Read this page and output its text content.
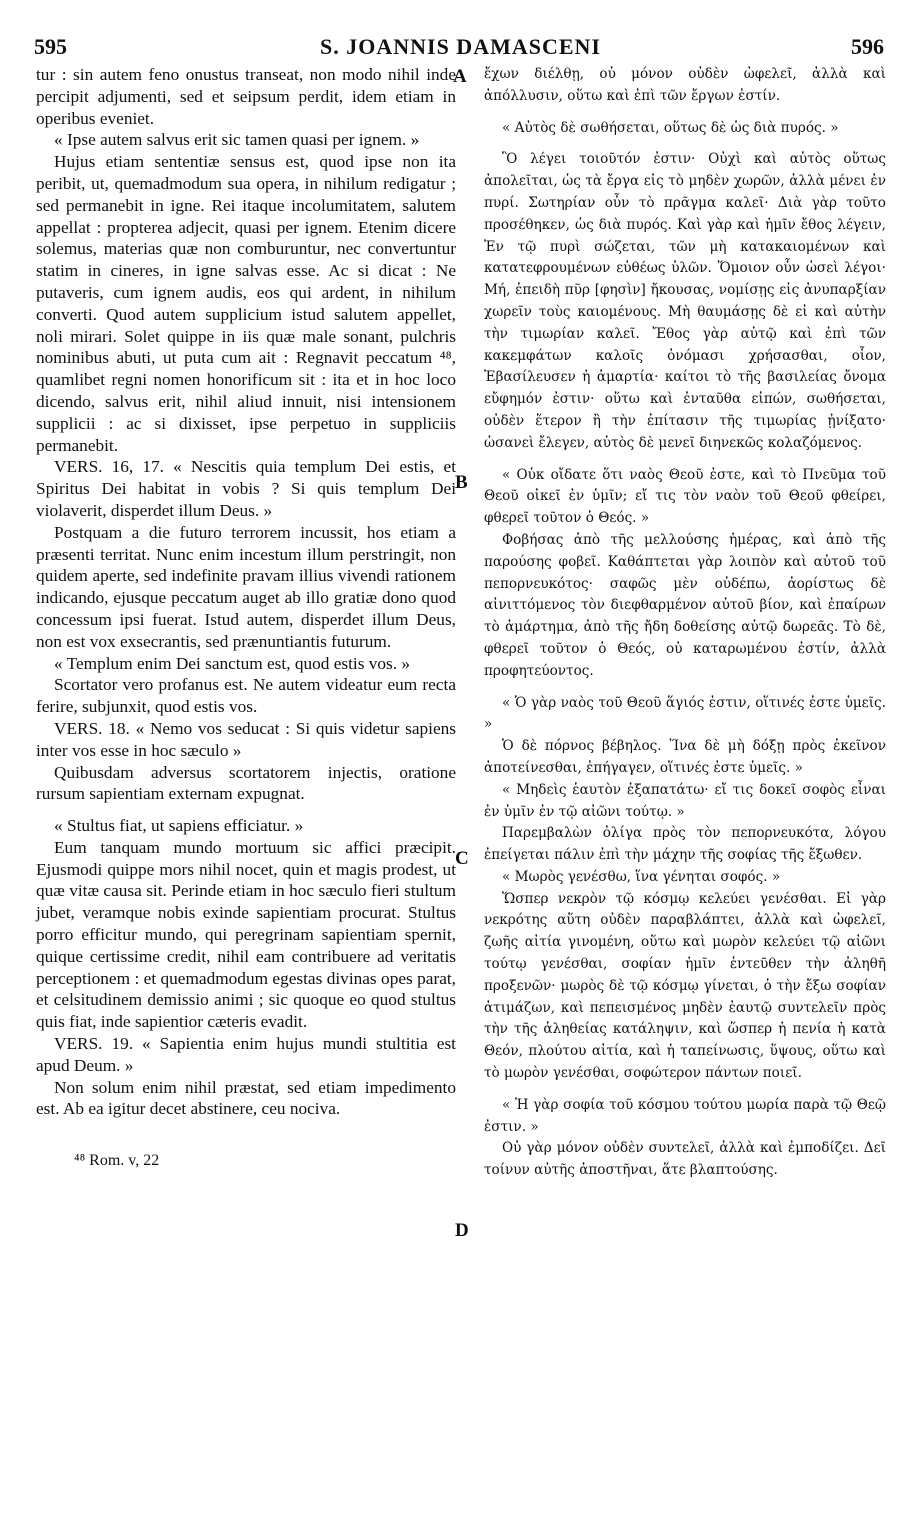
595	S. JOANNIS DAMASCENI	596
A
B
C
D

tur : sin autem feno onustus transeat, non modo nihil inde percipit adjumenti, sed et seipsum perdit, idem etiam in operibus eveniet.

« Ipse autem salvus erit sic tamen quasi per ignem. »

Hujus etiam sententiæ sensus est, quod ipse non ita peribit, ut, quemadmodum sua opera, in nihilum redigatur ; sed permanebit in igne. Rei itaque incolumitatem, salutem appellat : propterea adjecit, quasi per ignem. Etenim dicere solemus, materias quæ non comburuntur, nec convertuntur statim in cineres, in igne salvas esse. Ac si dicat : Ne putaveris, cum ignem audis, eos qui ardent, in nihilum converti. Quod autem supplicium istud salutem appellet, noli mirari. Solet quippe in iis quæ male sonant, pulchris nominibus abuti, ut puta cum ait : Regnavit peccatum ⁴⁸, quamlibet regni nomen honorificum sit : ita et in hoc loco dicendo, salvus erit, nihil aliud innuit, nisi intensionem supplicii : ac si dixisset, ipse perpetuo in suppliciis permanebit.

VERS. 16, 17. « Nescitis quia templum Dei estis, et Spiritus Dei habitat in vobis ? Si quis templum Dei violaverit, disperdet illum Deus. »

Postquam a die futuro terrorem incussit, hos etiam a præsenti territat. Nunc enim incestum illum perstringit, non quidem aperte, sed indefinite pravam illius vivendi rationem indicando, ejusque peccatum auget ab illo gratiæ dono quod concessum ipsi fuerat. Istud autem, disperdet illum Deus, non est vox exsecrantis, sed prænuntiantis futurum.

« Templum enim Dei sanctum est, quod estis vos. »

Scortator vero profanus est. Ne autem videatur eum recta ferire, subjunxit, quod estis vos.

VERS. 18. « Nemo vos seducat : Si quis videtur sapiens inter vos esse in hoc sæculo »

Quibusdam adversus scortatorem injectis, oratione rursum sapientiam externam expugnat.

« Stultus fiat, ut sapiens efficiatur. »

Eum tanquam mundo mortuum sic affici præcipit. Ejusmodi quippe mors nihil nocet, quin et magis prodest, ut quæ vitæ causa sit. Perinde etiam in hoc sæculo fieri stultum jubet, veramque nobis exinde sapientiam procurat. Stultus porro efficitur mundo, qui peregrinam sapientiam spernit, quique certissime credit, nihil eam contribuere ad veritatis perceptionem : et quemadmodum egestas divinas opes parat, et celsitudinem demissio animi ; sic quoque eo quod stultus quis fiat, inde sapientior cæteris evadit.

VERS. 19. « Sapientia enim hujus mundi stultitia est apud Deum. »

Non solum enim nihil præstat, sed etiam impedimento est. Ab ea igitur decet abstinere, ceu nociva.

⁴⁸ Rom. v, 22

ἔχων διέλθῃ, οὐ μόνον οὐδὲν ὠφελεῖ, ἀλλὰ καὶ ἀπόλλυσιν, οὕτω καὶ ἐπὶ τῶν ἔργων ἐστίν.

« Αὐτὸς δὲ σωθήσεται, οὕτως δὲ ὡς διὰ πυρός. »

Ὃ λέγει τοιοῦτόν ἐστιν· Οὐχὶ καὶ αὐτὸς οὕτως ἀπολεῖται, ὡς τὰ ἔργα εἰς τὸ μηδὲν χωρῶν, ἀλλὰ μένει ἐν πυρί. Σωτηρίαν οὖν τὸ πρᾶγμα καλεῖ· Διὰ γὰρ τοῦτο προσέθηκεν, ὡς διὰ πυρός. Καὶ γὰρ καὶ ἡμῖν ἔθος λέγειν, Ἐν τῷ πυρὶ σώζεται, τῶν μὴ κατακαιομένων καὶ κατατεφρουμένων εὐθέως ὑλῶν. Ὅμοιον οὖν ὡσεὶ λέγοι· Μή, ἐπειδὴ πῦρ [φησὶν] ἤκουσας, νομίσῃς εἰς ἀνυπαρξίαν χωρεῖν τοὺς καιομένους. Μὴ θαυμάσῃς δὲ εἰ καὶ αὐτὴν τὴν τιμωρίαν καλεῖ. Ἔθος γὰρ αὐτῷ καὶ ἐπὶ τῶν κακεμφάτων καλοῖς ὀνόμασι χρήσασθαι, οἷον, Ἐβασίλευσεν ἡ ἁμαρτία· καίτοι τὸ τῆς βασιλείας ὄνομα εὔφημόν ἐστιν· οὕτω καὶ ἐνταῦθα εἰπών, σωθήσεται, οὐδὲν ἕτερον ἢ τὴν ἐπίτασιν τῆς τιμωρίας ᾐνίξατο· ὡσανεὶ ἔλεγεν, αὐτὸς δὲ μενεῖ διηνεκῶς κολαζόμενος.

« Οὐκ οἴδατε ὅτι ναὸς Θεοῦ ἐστε, καὶ τὸ Πνεῦμα τοῦ Θεοῦ οἰκεῖ ἐν ὑμῖν; εἴ τις τὸν ναὸν τοῦ Θεοῦ φθείρει, φθερεῖ τοῦτον ὁ Θεός. »

Φοβήσας ἀπὸ τῆς μελλούσης ἡμέρας, καὶ ἀπὸ τῆς παρούσης φοβεῖ. Καθάπτεται γὰρ λοιπὸν καὶ αὐτοῦ τοῦ πεπορνευκότος· σαφῶς μὲν οὐδέπω, ἀορίστως δὲ αἰνιττόμενος τὸν διεφθαρμένον αὐτοῦ βίον, καὶ ἐπαίρων τὸ ἁμάρτημα, ἀπὸ τῆς ἤδη δοθείσης αὐτῷ δωρεᾶς. Τὸ δὲ, φθερεῖ τοῦτον ὁ Θεός, οὐ καταρωμένου ἐστίν, ἀλλὰ προφητεύοντος.

« Ὁ γὰρ ναὸς τοῦ Θεοῦ ἅγιός ἐστιν, οἵτινές ἐστε ὑμεῖς. »

Ὁ δὲ πόρνος βέβηλος. Ἵνα δὲ μὴ δόξῃ πρὸς ἐκεῖνον ἀποτείνεσθαι, ἐπήγαγεν, οἵτινές ἐστε ὑμεῖς. »

« Μηδεὶς ἑαυτὸν ἐξαπατάτω· εἴ τις δοκεῖ σοφὸς εἶναι ἐν ὑμῖν ἐν τῷ αἰῶνι τούτῳ. »

Παρεμβαλὼν ὀλίγα πρὸς τὸν πεπορνευκότα, λόγου ἐπείγεται πάλιν ἐπὶ τὴν μάχην τῆς σοφίας τῆς ἔξωθεν.

« Μωρὸς γενέσθω, ἵνα γένηται σοφός. »

Ὥσπερ νεκρὸν τῷ κόσμῳ κελεύει γενέσθαι. Εἰ γὰρ νεκρότης αὕτη οὐδὲν παραβλάπτει, ἀλλὰ καὶ ὠφελεῖ, ζωῆς αἰτία γινομένη, οὕτω καὶ μωρὸν κελεύει τῷ αἰῶνι τούτῳ γενέσθαι, σοφίαν ἡμῖν ἐντεῦθεν τὴν ἀληθῆ προξενῶν· μωρὸς δὲ τῷ κόσμῳ γίνεται, ὁ τὴν ἔξω σοφίαν ἀτιμάζων, καὶ πεπεισμένος μηδὲν ἑαυτῷ συντελεῖν πρὸς τὴν τῆς ἀληθείας κατάληψιν, καὶ ὥσπερ ἡ πενία ἡ κατὰ Θεόν, πλούτου αἰτία, καὶ ἡ ταπείνωσις, ὕψους, οὕτω καὶ τὸ μωρὸν γενέσθαι, σοφώτερον πάντων ποιεῖ.

« Ἡ γὰρ σοφία τοῦ κόσμου τούτου μωρία παρὰ τῷ Θεῷ ἐστιν. »

Οὐ γὰρ μόνον οὐδὲν συντελεῖ, ἀλλὰ καὶ ἐμποδίζει. Δεῖ τοίνυν αὐτῆς ἀποστῆναι, ἅτε βλαπτούσης.
